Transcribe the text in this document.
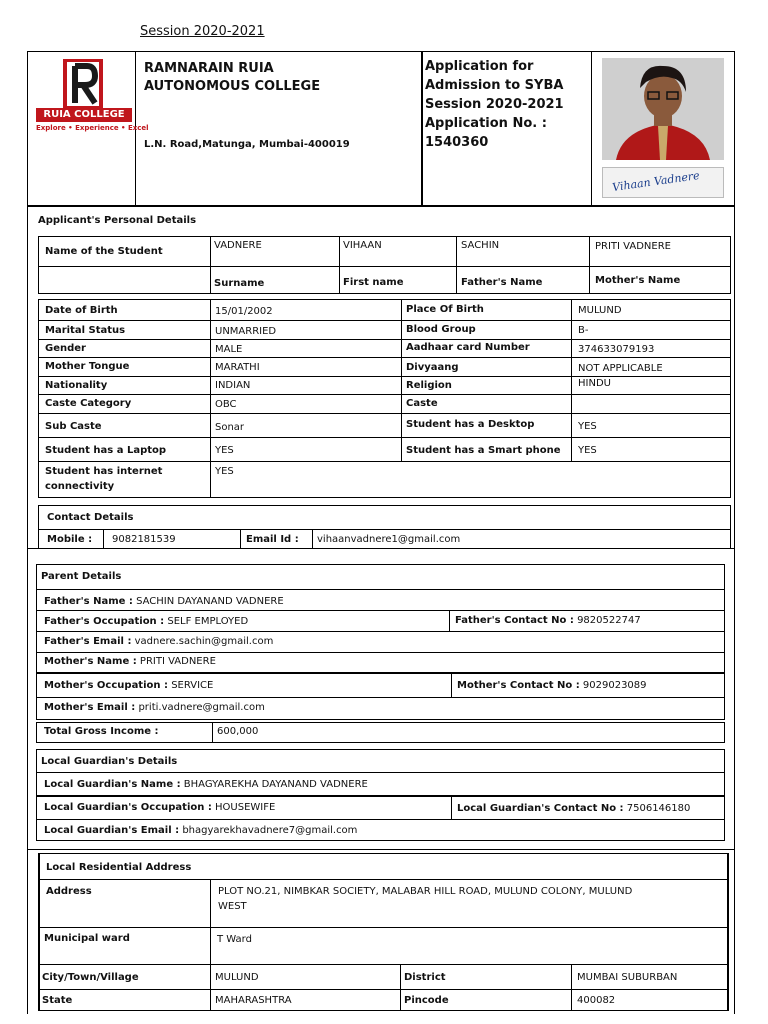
Session 2020-2021
RUIA COLLEGE
Explore • Experience • Excel
RAMNARAIN RUIA
AUTONOMOUS COLLEGE
L.N. Road,Matunga, Mumbai-400019
Application for
Admission to SYBA
Session 2020-2021
Application No. :
1540360
Vihaan Vadnere
Applicant's Personal Details
Name of the Student
VADNERE	VIHAAN	SACHIN	PRITI VADNERE
Surname	First name	Father's Name	Mother's Name
Date of Birth	15/01/2002	Place Of Birth	MULUND
Marital Status	UNMARRIED	Blood Group	B-
Gender	MALE	Aadhaar card Number	374633079193
Mother Tongue	MARATHI	Divyaang	NOT APPLICABLE
Nationality	INDIAN	Religion	HINDU
Caste Category	OBC	Caste
Sub Caste	Sonar	Student has a Desktop	YES
Student has a Laptop	YES	Student has a Smart phone YES
Student has internet
connectivity
YES
Contact Details
Mobile : 9082181539	Email Id : vihaanvadnere1@gmail.com
Parent Details
Father's Name : SACHIN DAYANAND VADNERE
Father's Occupation : SELF EMPLOYED	Father's Contact No : 9820522747
Father's Email : vadnere.sachin@gmail.com
Mother's Name : PRITI VADNERE
Mother's Occupation : SERVICE	Mother's Contact No : 9029023089
Mother's Email : priti.vadnere@gmail.com
Total Gross Income :	600,000
Local Guardian's Details
Local Guardian's Name : BHAGYAREKHA DAYANAND VADNERE
Local Guardian's Occupation : HOUSEWIFE	Local Guardian's Contact No : 7506146180
Local Guardian's Email : bhagyarekhavadnere7@gmail.com
Local Residential Address
Address	PLOT NO.21, NIMBKAR SOCIETY, MALABAR HILL ROAD, MULUND COLONY, MULUND
WEST
Municipal ward	T Ward
City/Town/Village	MULUND	District	MUMBAI SUBURBAN
State	MAHARASHTRA	Pincode	400082
